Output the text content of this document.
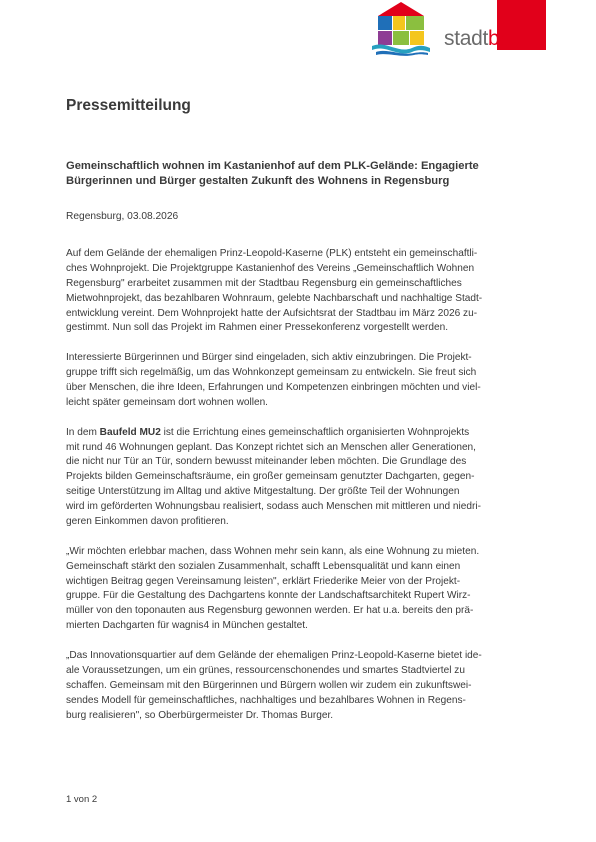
stadtbau
Pressemitteilung
Gemeinschaftlich wohnen im Kastanienhof auf dem PLK-Gelände: Engagierte
Bürgerinnen und Bürger gestalten Zukunft des Wohnens in Regensburg
Regensburg, 03.08.2026
Auf dem Gelände der ehemaligen Prinz-Leopold-Kaserne (PLK) entsteht ein gemeinschaftli-
ches Wohnprojekt. Die Projektgruppe Kastanienhof des Vereins „Gemeinschaftlich Wohnen
Regensburg" erarbeitet zusammen mit der Stadtbau Regensburg ein gemeinschaftliches
Mietwohnprojekt, das bezahlbaren Wohnraum, gelebte Nachbarschaft und nachhaltige Stadt-
entwicklung vereint. Dem Wohnprojekt hatte der Aufsichtsrat der Stadtbau im März 2026 zu-
gestimmt. Nun soll das Projekt im Rahmen einer Pressekonferenz vorgestellt werden.
Interessierte Bürgerinnen und Bürger sind eingeladen, sich aktiv einzubringen. Die Projekt-
gruppe trifft sich regelmäßig, um das Wohnkonzept gemeinsam zu entwickeln. Sie freut sich
über Menschen, die ihre Ideen, Erfahrungen und Kompetenzen einbringen möchten und viel-
leicht später gemeinsam dort wohnen wollen.
In dem Baufeld MU2 ist die Errichtung eines gemeinschaftlich organisierten Wohnprojekts
mit rund 46 Wohnungen geplant. Das Konzept richtet sich an Menschen aller Generationen,
die nicht nur Tür an Tür, sondern bewusst miteinander leben möchten. Die Grundlage des
Projekts bilden Gemeinschaftsräume, ein großer gemeinsam genutzter Dachgarten, gegen-
seitige Unterstützung im Alltag und aktive Mitgestaltung. Der größte Teil der Wohnungen
wird im geförderten Wohnungsbau realisiert, sodass auch Menschen mit mittleren und niedri-
geren Einkommen davon profitieren.
„Wir möchten erlebbar machen, dass Wohnen mehr sein kann, als eine Wohnung zu mieten.
Gemeinschaft stärkt den sozialen Zusammenhalt, schafft Lebensqualität und kann einen
wichtigen Beitrag gegen Vereinsamung leisten", erklärt Friederike Meier von der Projekt-
gruppe. Für die Gestaltung des Dachgartens konnte der Landschaftsarchitekt Rupert Wirz-
müller von den toponauten aus Regensburg gewonnen werden. Er hat u.a. bereits den prä-
mierten Dachgarten für wagnis4 in München gestaltet.
„Das Innovationsquartier auf dem Gelände der ehemaligen Prinz-Leopold-Kaserne bietet ide-
ale Voraussetzungen, um ein grünes, ressourcenschonendes und smartes Stadtviertel zu
schaffen. Gemeinsam mit den Bürgerinnen und Bürgern wollen wir zudem ein zukunftswei-
sendes Modell für gemeinschaftliches, nachhaltiges und bezahlbares Wohnen in Regens-
burg realisieren", so Oberbürgermeister Dr. Thomas Burger.
1 von 2
